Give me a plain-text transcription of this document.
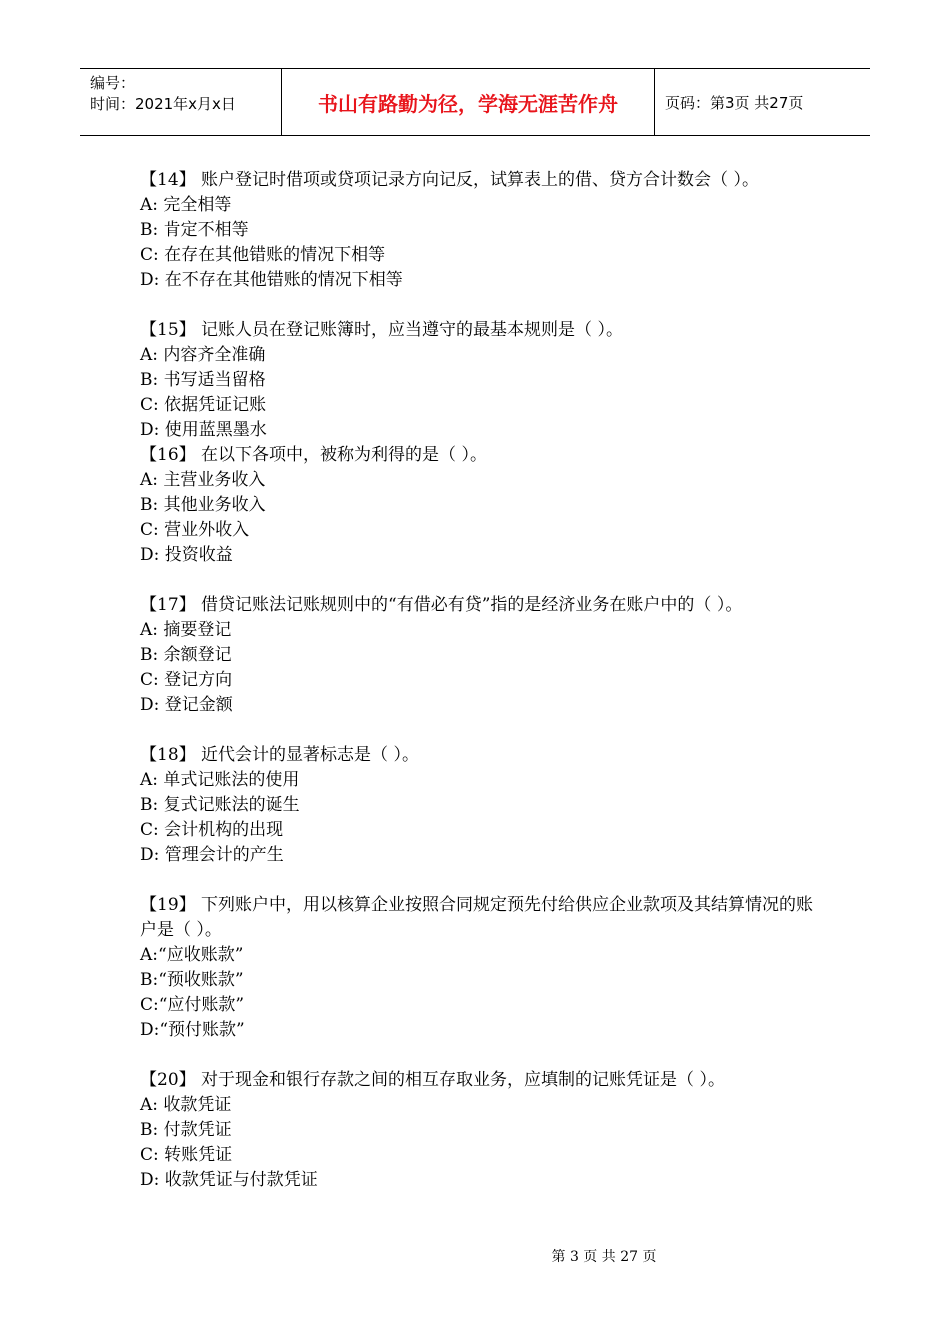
编号：
时间：2021年x月x日	书山有路勤为径，学海无涯苦作舟	页码：第3页 共27页

【14】 账户登记时借项或贷项记录方向记反，试算表上的借、贷方合计数会（ ）。

A: 完全相等

B: 肯定不相等

C: 在存在其他错账的情况下相等

D: 在不存在其他错账的情况下相等

【15】 记账人员在登记账簿时，应当遵守的最基本规则是（ ）。

A: 内容齐全准确

B: 书写适当留格

C: 依据凭证记账

D: 使用蓝黑墨水

【16】 在以下各项中，被称为利得的是（ ）。

A: 主营业务收入

B: 其他业务收入

C: 营业外收入

D: 投资收益

【17】 借贷记账法记账规则中的“有借必有贷”指的是经济业务在账户中的（ ）。

A: 摘要登记

B: 余额登记

C: 登记方向

D: 登记金额

【18】 近代会计的显著标志是（ ）。

A: 单式记账法的使用

B: 复式记账法的诞生

C: 会计机构的出现

D: 管理会计的产生

【19】 下列账户中，用以核算企业按照合同规定预先付给供应企业款项及其结算情况的账户是（ ）。

A:“应收账款”

B:“预收账款”

C:“应付账款”

D:“预付账款”

【20】 对于现金和银行存款之间的相互存取业务，应填制的记账凭证是（ ）。

A: 收款凭证

B: 付款凭证

C: 转账凭证

D: 收款凭证与付款凭证

第 3 页 共 27 页
